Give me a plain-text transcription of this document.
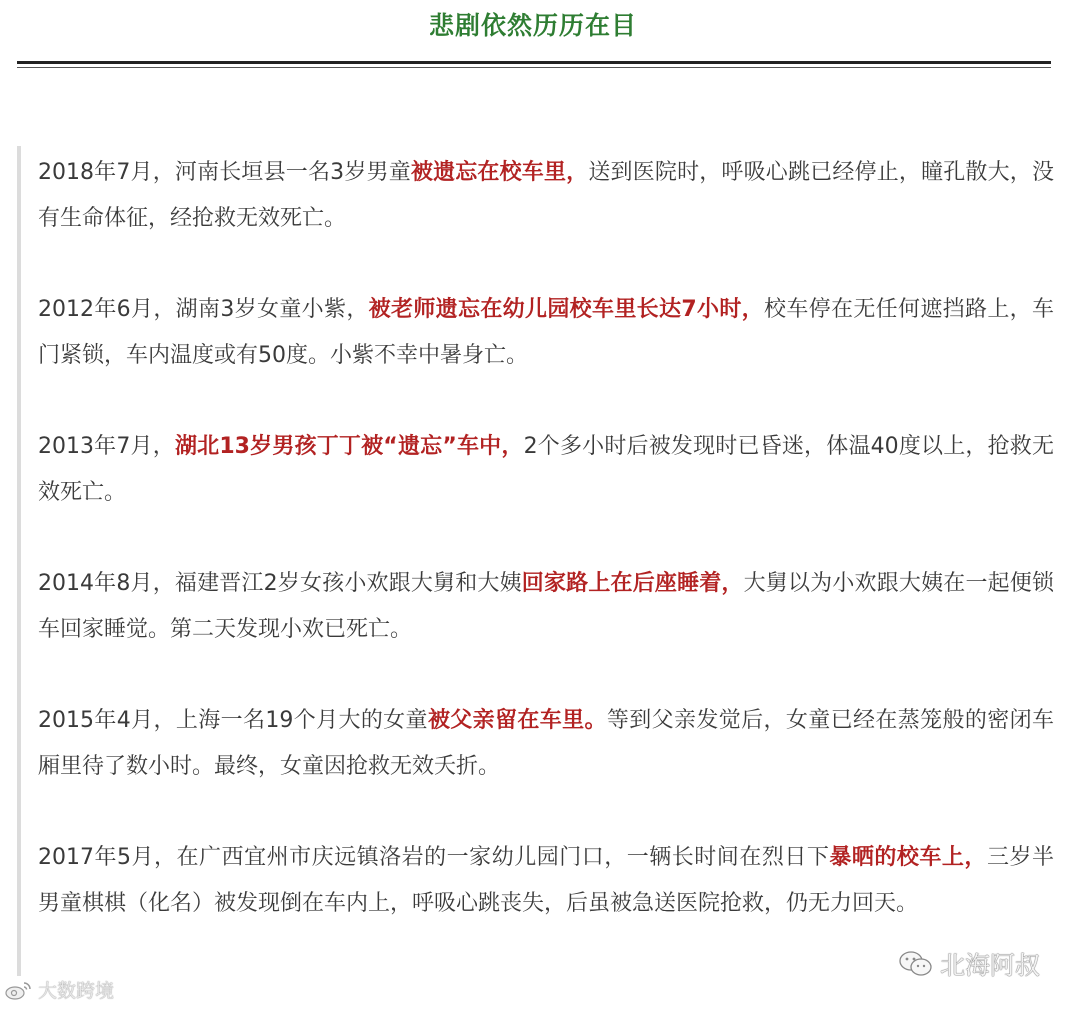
悲剧依然历历在目

2018年7月，河南长垣县一名3岁男童被遗忘在校车里，送到医院时，呼吸心跳已经停止，瞳孔散大，没有生命体征，经抢救无效死亡。

2012年6月，湖南3岁女童小紫，被老师遗忘在幼儿园校车里长达7小时，校车停在无任何遮挡路上，车门紧锁，车内温度或有50度。小紫不幸中暑身亡。

2013年7月，湖北13岁男孩丁丁被“遗忘”车中，2个多小时后被发现时已昏迷，体温40度以上，抢救无效死亡。

2014年8月，福建晋江2岁女孩小欢跟大舅和大姨回家路上在后座睡着，大舅以为小欢跟大姨在一起便锁车回家睡觉。第二天发现小欢已死亡。

2015年4月，上海一名19个月大的女童被父亲留在车里。等到父亲发觉后，女童已经在蒸笼般的密闭车厢里待了数小时。最终，女童因抢救无效夭折。

2017年5月，在广西宜州市庆远镇洛岩的一家幼儿园门口，一辆长时间在烈日下暴晒的校车上，三岁半男童棋棋（化名）被发现倒在车内上，呼吸心跳丧失，后虽被急送医院抢救，仍无力回天。

大数跨境
北海阿叔
